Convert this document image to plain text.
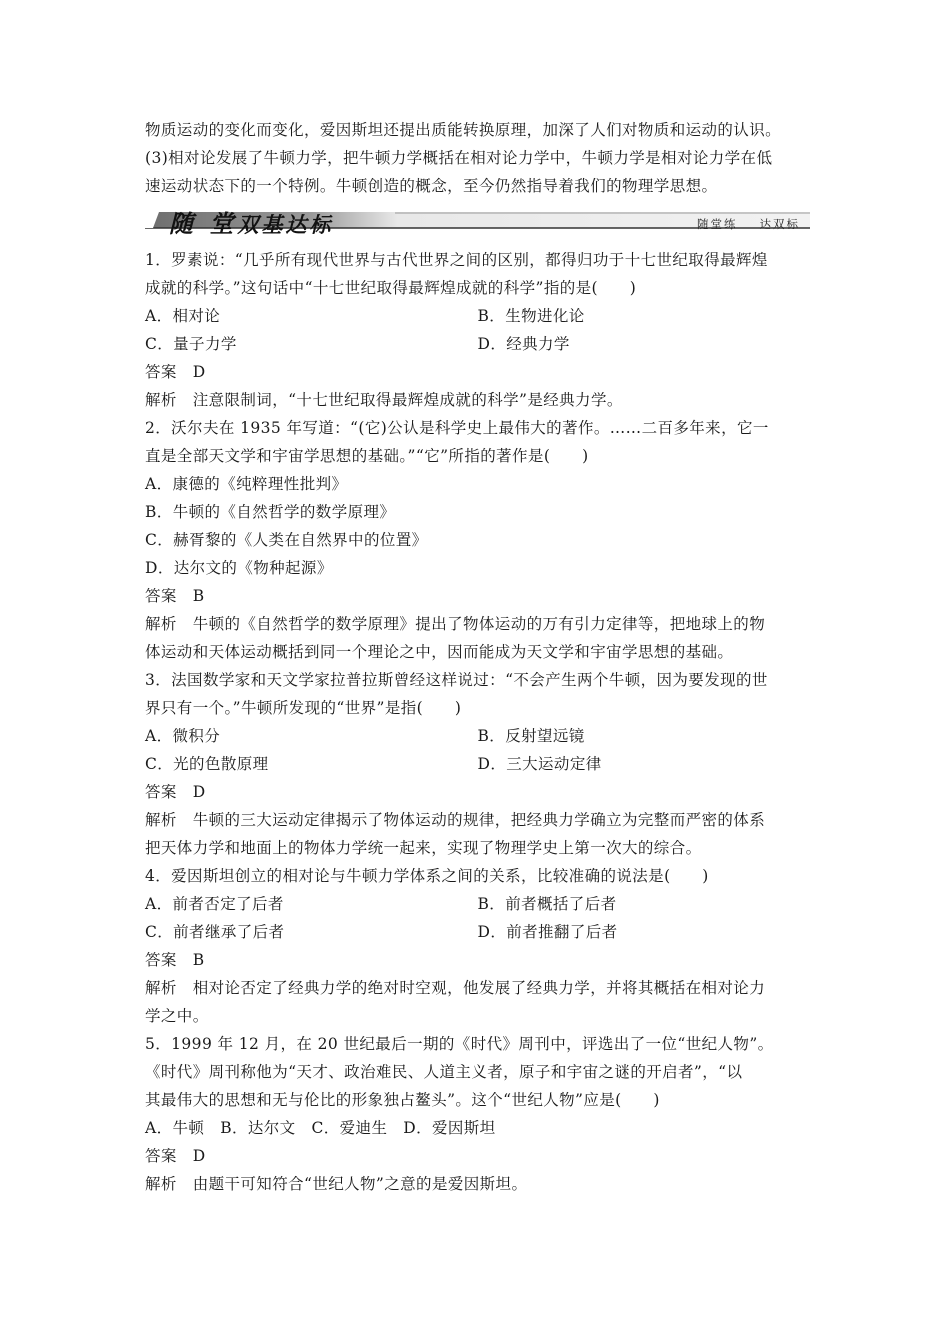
物质运动的变化而变化，爱因斯坦还提出质能转换原理，加深了人们对物质和运动的认识。
(3)相对论发展了牛顿力学，把牛顿力学概括在相对论力学中，牛顿力学是相对论力学在低
速运动状态下的一个特例。牛顿创造的概念，至今仍然指导着我们的物理学思想。
随 堂双基达标	随堂练 达双标
1．罗素说：“几乎所有现代世界与古代世界之间的区别，都得归功于十七世纪取得最辉煌
成就的科学。”这句话中“十七世纪取得最辉煌成就的科学”指的是(　　)
A．相对论	B．生物进化论
C．量子力学	D．经典力学
答案　D
解析　注意限制词，“十七世纪取得最辉煌成就的科学”是经典力学。
2．沃尔夫在 1935 年写道：“(它)公认是科学史上最伟大的著作。……二百多年来，它一
直是全部天文学和宇宙学思想的基础。”“它”所指的著作是(　　)
A．康德的《纯粹理性批判》
B．牛顿的《自然哲学的数学原理》
C．赫胥黎的《人类在自然界中的位置》
D．达尔文的《物种起源》
答案　B
解析　牛顿的《自然哲学的数学原理》提出了物体运动的万有引力定律等，把地球上的物
体运动和天体运动概括到同一个理论之中，因而能成为天文学和宇宙学思想的基础。
3．法国数学家和天文学家拉普拉斯曾经这样说过：“不会产生两个牛顿，因为要发现的世
界只有一个。”牛顿所发现的“世界”是指(　　)
A．微积分	B．反射望远镜
C．光的色散原理	D．三大运动定律
答案　D
解析　牛顿的三大运动定律揭示了物体运动的规律，把经典力学确立为完整而严密的体系
把天体力学和地面上的物体力学统一起来，实现了物理学史上第一次大的综合。
4．爱因斯坦创立的相对论与牛顿力学体系之间的关系，比较准确的说法是(　　)
A．前者否定了后者	B．前者概括了后者
C．前者继承了后者	D．前者推翻了后者
答案　B
解析　相对论否定了经典力学的绝对时空观，他发展了经典力学，并将其概括在相对论力
学之中。
5．1999 年 12 月，在 20 世纪最后一期的《时代》周刊中，评选出了一位“世纪人物”。
《时代》周刊称他为“天才、政治难民、人道主义者，原子和宇宙之谜的开启者”，“以
其最伟大的思想和无与伦比的形象独占鳌头”。这个“世纪人物”应是(　　)
A．牛顿　B．达尔文　C．爱迪生　D．爱因斯坦
答案　D
解析　由题干可知符合“世纪人物”之意的是爱因斯坦。
